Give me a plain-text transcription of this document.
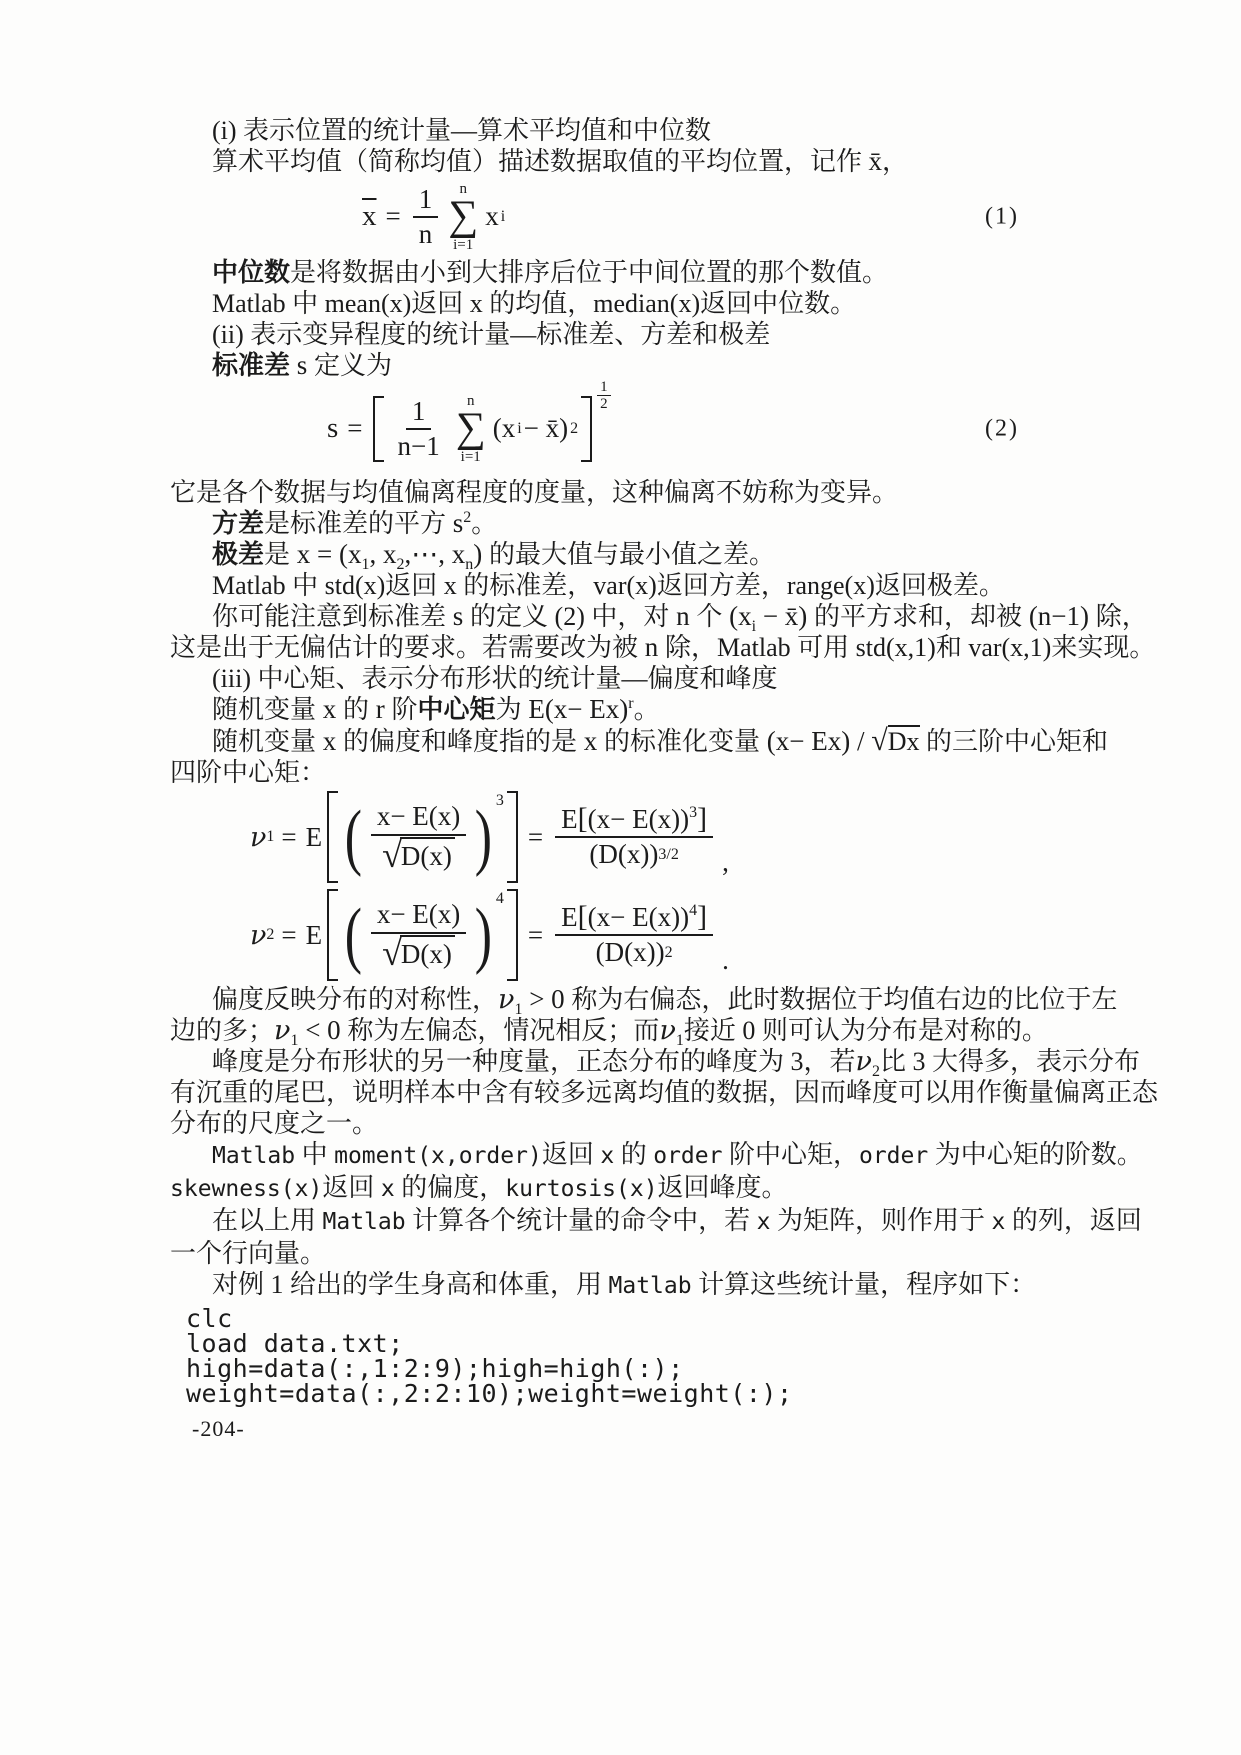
(i) 表示位置的统计量—算术平均值和中位数
算术平均值（简称均值）描述数据取值的平均位置，记作 x̄，
$\overline{x} = \frac{1}{n}$ n
∑
i=1
x i	(1)
中位数是将数据由小到大排序后位于中间位置的那个数值。
Matlab 中 mean(x)返回 x 的均值，median(x)返回中位数。
(ii) 表示变异程度的统计量—标准差、方差和极差
标准差 s 定义为
$s = \frac{1}{n-1}$ n
∑
i=1
(x i − x̄) 2
1
2
(2)
它是各个数据与均值偏离程度的度量，这种偏离不妨称为变异。
方差是标准差的平方 $s^2$。
极差是 $x = (x_1$, $x_2,\cdots$, $x_n$) 的最大值与最小值之差。
Matlab 中 std(x)返回 x 的标准差，var(x)返回方差，range(x)返回极差。
你可能注意到标准差 s 的定义 (2) 中，对 n 个 ($x_i$ − x̄) 的平方求和，却被 (n−1) 除，
这是出于无偏估计的要求。若需要改为被 n 除，Matlab 可用 std(x,1)和 var(x,1)来实现。
(iii) 中心矩、表示分布形状的统计量—偏度和峰度
随机变量 x 的 r 阶中心矩为 $E(x- Ex)^r$。
随机变量 x 的偏度和峰度指的是 x 的标准化变量 (x− Ex) / √Dx 的三阶中心矩和
四阶中心矩：
ν 1 = E ( $\frac{x- E(x)}{√ D(x)}$ ) 3
= $\frac{E[(x- E(x))^3]}{(D(x)) 3/2}$ ,
ν 2 = E ( $\frac{x- E(x)}{√ D(x)}$ ) 4
= $\frac{E[(x- E(x))^4]}{(D(x)) 2}$ .
偏度反映分布的对称性，$\nu_1 > 0$ 称为右偏态，此时数据位于均值右边的比位于左
边的多；$\nu_1 < 0$ 称为左偏态，情况相反；而$\nu_1$接近 0 则可认为分布是对称的。
峰度是分布形状的另一种度量，正态分布的峰度为 3，若$\nu_2$比 3 大得多，表示分布
有沉重的尾巴，说明样本中含有较多远离均值的数据，因而峰度可以用作衡量偏离正态
分布的尺度之一。
Matlab 中 moment(x,order)返回 x 的 order 阶中心矩，order 为中心矩的阶数。
skewness(x)返回 x 的偏度，kurtosis(x)返回峰度。
在以上用 Matlab 计算各个统计量的命令中，若 x 为矩阵，则作用于 x 的列，返回
一个行向量。
对例 1 给出的学生身高和体重，用 Matlab 计算这些统计量，程序如下：
clc
load data.txt;
high=data(:,1:2:9);high=high(:);
weight=data(:,2:2:10);weight=weight(:);
-204-
